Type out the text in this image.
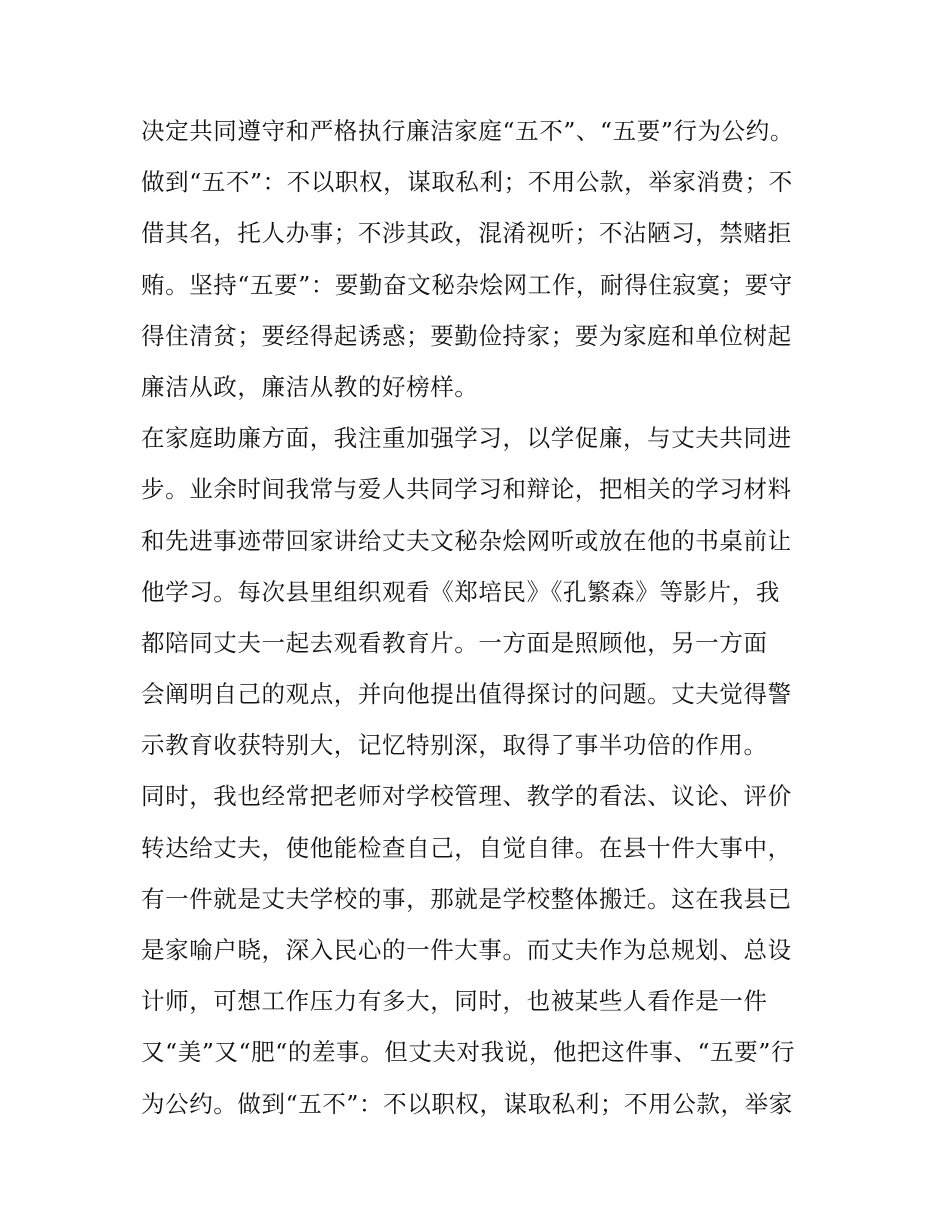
决定共同遵守和严格执行廉洁家庭“五不”、“五要”行为公约。
做到“五不”：不以职权，谋取私利；不用公款，举家消费；不
借其名，托人办事；不涉其政，混淆视听；不沾陋习，禁赌拒
贿。坚持“五要”：要勤奋文秘杂烩网工作，耐得住寂寞；要守
得住清贫；要经得起诱惑；要勤俭持家；要为家庭和单位树起
廉洁从政，廉洁从教的好榜样。
在家庭助廉方面，我注重加强学习，以学促廉，与丈夫共同进
步。业余时间我常与爱人共同学习和辩论，把相关的学习材料
和先进事迹带回家讲给丈夫文秘杂烩网听或放在他的书桌前让
他学习。每次县里组织观看《郑培民》《孔繁森》等影片，我
都陪同丈夫一起去观看教育片。一方面是照顾他，另一方面
会阐明自己的观点，并向他提出值得探讨的问题。丈夫觉得警
示教育收获特别大，记忆特别深，取得了事半功倍的作用。
同时，我也经常把老师对学校管理、教学的看法、议论、评价
转达给丈夫，使他能检查自己，自觉自律。在县十件大事中，
有一件就是丈夫学校的事，那就是学校整体搬迁。这在我县已
是家喻户晓，深入民心的一件大事。而丈夫作为总规划、总设
计师，可想工作压力有多大，同时，也被某些人看作是一件
又“美”又“肥“的差事。但丈夫对我说，他把这件事、“五要”行
为公约。做到“五不”：不以职权，谋取私利；不用公款，举家
